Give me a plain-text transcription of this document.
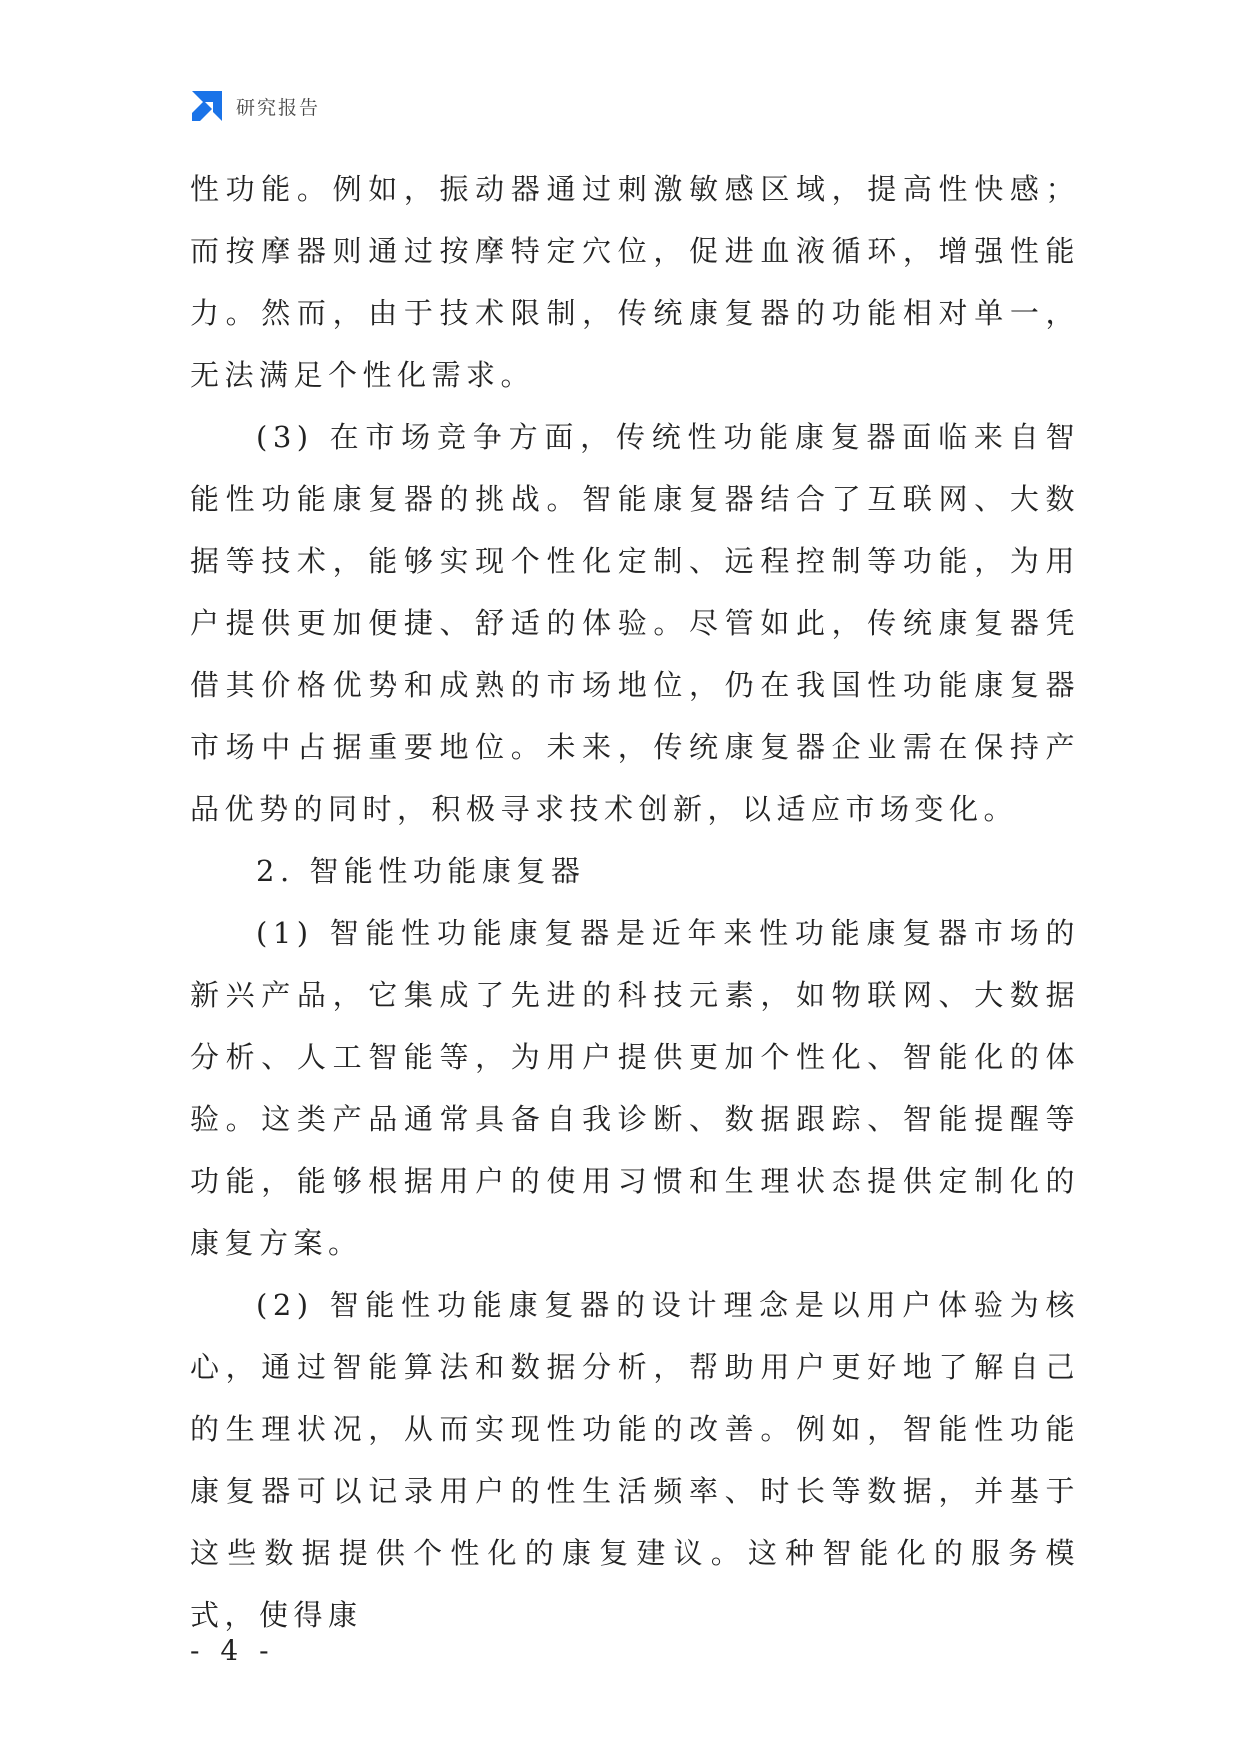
研究报告

性功能。例如，振动器通过刺激敏感区域，提高性快感；而按摩器则通过按摩特定穴位，促进血液循环，增强性能力。然而，由于技术限制，传统康复器的功能相对单一，无法满足个性化需求。

(3) 在市场竞争方面，传统性功能康复器面临来自智能性功能康复器的挑战。智能康复器结合了互联网、大数据等技术，能够实现个性化定制、远程控制等功能，为用户提供更加便捷、舒适的体验。尽管如此，传统康复器凭借其价格优势和成熟的市场地位，仍在我国性功能康复器市场中占据重要地位。未来，传统康复器企业需在保持产品优势的同时，积极寻求技术创新，以适应市场变化。

2. 智能性功能康复器

(1) 智能性功能康复器是近年来性功能康复器市场的新兴产品，它集成了先进的科技元素，如物联网、大数据分析、人工智能等，为用户提供更加个性化、智能化的体验。这类产品通常具备自我诊断、数据跟踪、智能提醒等功能，能够根据用户的使用习惯和生理状态提供定制化的康复方案。

(2) 智能性功能康复器的设计理念是以用户体验为核心，通过智能算法和数据分析，帮助用户更好地了解自己的生理状况，从而实现性功能的改善。例如，智能性功能康复器可以记录用户的性生活频率、时长等数据，并基于这些数据提供个性化的康复建议。这种智能化的服务模式，使得康

- 4 -
